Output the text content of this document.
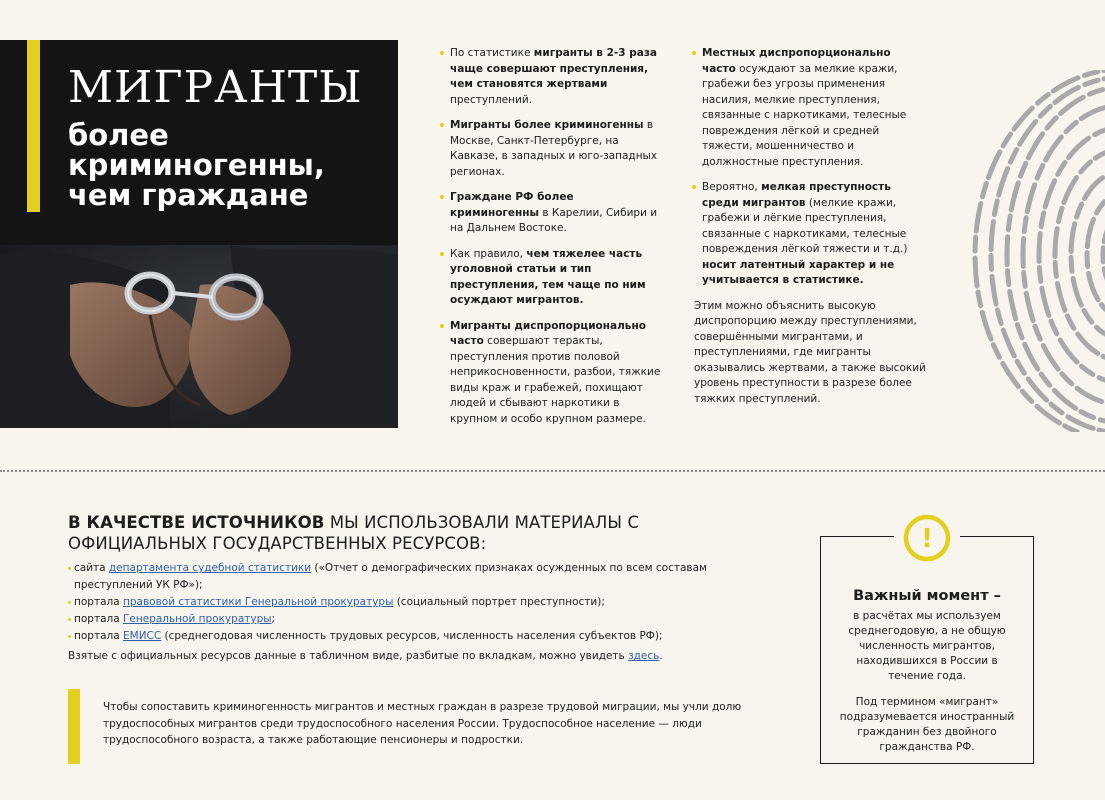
МИГРАНТЫ
более
криминогенны,
чем граждане
По статистике мигранты в 2-3 раза чаще совершают преступления, чем становятся жертвами преступлений.
Мигранты более криминогенны в Москве, Санкт-Петербурге, на Кавказе, в западных и юго-западных регионах.
Граждане РФ более криминогенны в Карелии, Сибири и на Дальнем Востоке.
Как правило, чем тяжелее часть уголовной статьи и тип преступления, тем чаще по ним осуждают мигрантов.
Мигранты диспропорционально часто совершают теракты, преступления против половой неприкосновенности, разбои, тяжкие виды краж и грабежей, похищают людей и сбывают наркотики в крупном и особо крупном размере.
Местных диспропорционально часто осуждают за мелкие кражи, грабежи без угрозы применения насилия, мелкие преступления, связанные с наркотиками, телесные повреждения лёгкой и средней тяжести, мошенничество и должностные преступления.
Вероятно, мелкая преступность среди мигрантов (мелкие кражи, грабежи и лёгкие преступления, связанные с наркотиками, телесные повреждения лёгкой тяжести и т.д.) носит латентный характер и не учитывается в статистике.
Этим можно объяснить высокую диспропорцию между преступлениями, совершёнными мигрантами, и преступлениями, где мигранты оказывались жертвами, а также высокий уровень преступности в разрезе более тяжких преступлений.
В КАЧЕСТВЕ ИСТОЧНИКОВ МЫ ИСПОЛЬЗОВАЛИ МАТЕРИАЛЫ С ОФИЦИАЛЬНЫХ ГОСУДАРСТВЕННЫХ РЕСУРСОВ:
сайта департамента судебной статистики («Отчет о демографических признаках осужденных по всем составам преступлений УК РФ»);
портала правовой статистики Генеральной прокуратуры (социальный портрет преступности);
портала Генеральной прокуратуры;
портала ЕМИСС (среднегодовая численность трудовых ресурсов, численность населения субъектов РФ);
Взятые с официальных ресурсов данные в табличном виде, разбитые по вкладкам, можно увидеть здесь.
Чтобы сопоставить криминогенность мигрантов и местных граждан в разрезе трудовой миграции, мы учли долю трудоспособных мигрантов среди трудоспособного населения России. Трудоспособное население — люди трудоспособного возраста, а также работающие пенсионеры и подростки.
Важный момент –

в расчётах мы используем среднегодовую, а не общую численность мигрантов, находившихся в России в течение года.

Под термином «мигрант» подразумевается иностранный гражданин без двойного гражданства РФ.

!
